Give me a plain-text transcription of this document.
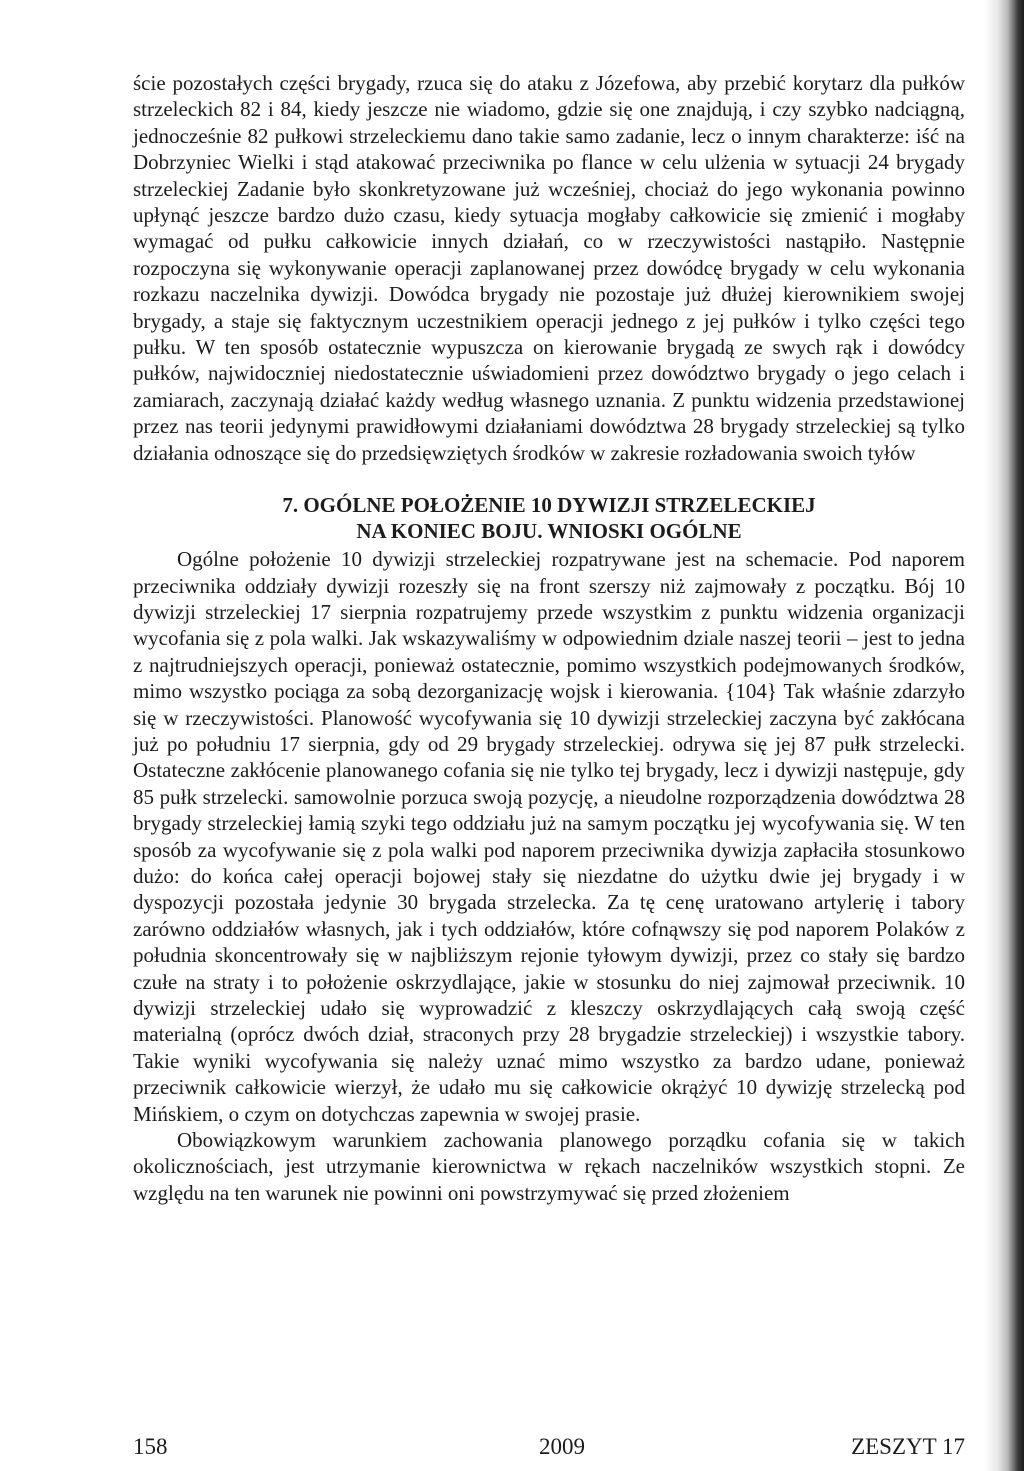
ście pozostałych części brygady, rzuca się do ataku z Józefowa, aby przebić korytarz dla pułków strzeleckich 82 i 84, kiedy jeszcze nie wiadomo, gdzie się one znajdują, i czy szybko nadciągną, jednocześnie 82 pułkowi strzeleckiemu dano takie samo zadanie, lecz o innym charakterze: iść na Dobrzyniec Wielki i stąd atakować przeciwnika po flance w celu ulżenia w sytuacji 24 brygady strzeleckiej Zadanie było skonkretyzowane już wcześniej, chociaż do jego wykonania powinno upłynąć jeszcze bardzo dużo czasu, kiedy sytuacja mogłaby całkowicie się zmienić i mogłaby wymagać od pułku całkowicie innych działań, co w rzeczywistości nastąpiło. Następnie rozpoczyna się wykonywanie operacji zaplanowanej przez dowódcę brygady w celu wykonania rozkazu naczelnika dywizji. Dowódca brygady nie pozostaje już dłużej kierownikiem swojej brygady, a staje się faktycznym uczestnikiem operacji jednego z jej pułków i tylko części tego pułku. W ten sposób ostatecznie wypuszcza on kierowanie brygadą ze swych rąk i dowódcy pułków, najwidoczniej niedostatecznie uświadomieni przez dowództwo brygady o jego celach i zamiarach, zaczynają działać każdy według własnego uznania. Z punktu widzenia przedstawionej przez nas teorii jedynymi prawidłowymi działaniami dowództwa 28 brygady strzeleckiej są tylko działania odnoszące się do przedsięwziętych środków w zakresie rozładowania swoich tyłów

7. OGÓLNE POŁOŻENIE 10 DYWIZJI STRZELECKIEJ
NA KONIEC BOJU. WNIOSKI OGÓLNE

Ogólne położenie 10 dywizji strzeleckiej rozpatrywane jest na schemacie. Pod naporem przeciwnika oddziały dywizji rozeszły się na front szerszy niż zajmowały z początku. Bój 10 dywizji strzeleckiej 17 sierpnia rozpatrujemy przede wszystkim z punktu widzenia organizacji wycofania się z pola walki. Jak wskazywaliśmy w odpowiednim dziale naszej teorii – jest to jedna z najtrudniejszych operacji, ponieważ ostatecznie, pomimo wszystkich podejmowanych środków, mimo wszystko pociąga za sobą dezorganizację wojsk i kierowania. {104} Tak właśnie zdarzyło się w rzeczywistości. Planowość wycofywania się 10 dywizji strzeleckiej zaczyna być zakłócana już po południu 17 sierpnia, gdy od 29 brygady strzeleckiej. odrywa się jej 87 pułk strzelecki. Ostateczne zakłócenie planowanego cofania się nie tylko tej brygady, lecz i dywizji następuje, gdy 85 pułk strzelecki. samowolnie porzuca swoją pozycję, a nieudolne rozporządzenia dowództwa 28 brygady strzeleckiej łamią szyki tego oddziału już na samym początku jej wycofywania się. W ten sposób za wycofywanie się z pola walki pod naporem przeciwnika dywizja zapłaciła stosunkowo dużo: do końca całej operacji bojowej stały się niezdatne do użytku dwie jej brygady i w dyspozycji pozostała jedynie 30 brygada strzelecka. Za tę cenę uratowano artylerię i tabory zarówno oddziałów własnych, jak i tych oddziałów, które cofnąwszy się pod naporem Polaków z południa skoncentrowały się w najbliższym rejonie tyłowym dywizji, przez co stały się bardzo czułe na straty i to położenie oskrzydlające, jakie w stosunku do niej zajmował przeciwnik. 10 dywizji strzeleckiej udało się wyprowadzić z kleszczy oskrzydlających całą swoją część materialną (oprócz dwóch dział, straconych przy 28 brygadzie strzeleckiej) i wszystkie tabory. Takie wyniki wycofywania się należy uznać mimo wszystko za bardzo udane, ponieważ przeciwnik całkowicie wierzył, że udało mu się całkowicie okrążyć 10 dywizję strzelecką pod Mińskiem, o czym on dotychczas zapewnia w swojej prasie.

Obowiązkowym warunkiem zachowania planowego porządku cofania się w takich okolicznościach, jest utrzymanie kierownictwa w rękach naczelników wszystkich stopni. Ze względu na ten warunek nie powinni oni powstrzymywać się przed złożeniem

158	2009	ZESZYT 17
